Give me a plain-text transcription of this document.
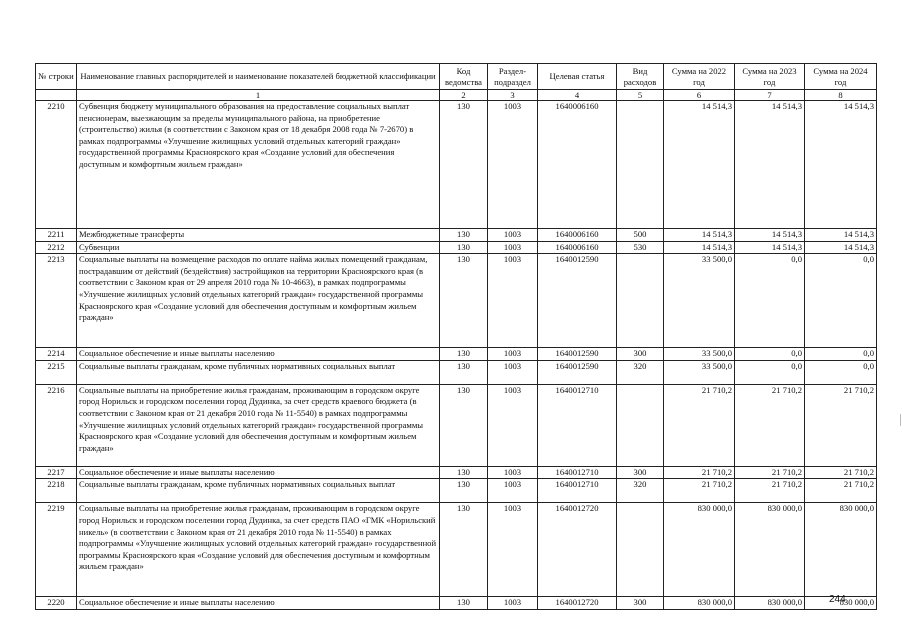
№ строки	Наименование главных распорядителей и наименование показателей бюджетной классификации	Код ведомства	Раздел-подраздел	Целевая статья	Вид расходов	Сумма на 2022 год	Сумма на 2023 год	Сумма на 2024 год
	1	2	3	4	5	6	7	8
2210	Субвенция бюджету муниципального образования на предоставление социальных выплат пенсионерам, выезжающим за пределы муниципального района, на приобретение (строительство) жилья (в соответствии с Законом края от 18 декабря 2008 года № 7-2670) в рамках подпрограммы «Улучшение жилищных условий отдельных категорий граждан» государственной программы Красноярского края «Создание условий для обеспечения доступным и комфортным жильем граждан»	130	1003	1640006160		14 514,3	14 514,3	14 514,3
2211	Межбюджетные трансферты	130	1003	1640006160	500	14 514,3	14 514,3	14 514,3
2212	Субвенции	130	1003	1640006160	530	14 514,3	14 514,3	14 514,3
2213	Социальные выплаты на возмещение расходов по оплате найма жилых помещений гражданам, пострадавшим от действий (бездействия) застройщиков на территории Красноярского края (в соответствии с Законом края от 29 апреля 2010 года № 10-4663), в рамках подпрограммы «Улучшение жилищных условий отдельных категорий граждан» государственной программы Красноярского края «Создание условий для обеспечения доступным и комфортным жильем граждан»	130	1003	1640012590		33 500,0	0,0	0,0
2214	Социальное обеспечение и иные выплаты населению	130	1003	1640012590	300	33 500,0	0,0	0,0
2215	Социальные выплаты гражданам, кроме публичных нормативных социальных выплат	130	1003	1640012590	320	33 500,0	0,0	0,0
2216	Социальные выплаты на приобретение жилья гражданам, проживающим в городском округе город Норильск и городском поселении город Дудинка, за счет средств краевого бюджета (в соответствии с Законом края от 21 декабря 2010 года № 11-5540) в рамках подпрограммы «Улучшение жилищных условий отдельных категорий граждан» государственной программы Красноярского края «Создание условий для обеспечения доступным и комфортным жильем граждан»	130	1003	1640012710		21 710,2	21 710,2	21 710,2
2217	Социальное обеспечение и иные выплаты населению	130	1003	1640012710	300	21 710,2	21 710,2	21 710,2
2218	Социальные выплаты гражданам, кроме публичных нормативных социальных выплат	130	1003	1640012710	320	21 710,2	21 710,2	21 710,2
2219	Социальные выплаты на приобретение жилья гражданам, проживающим в городском округе город Норильск и городском поселении город Дудинка, за счет средств ПАО «ГМК «Норильский никель» (в соответствии с Законом края от 21 декабря 2010 года № 11-5540) в рамках подпрограммы «Улучшение жилищных условий отдельных категорий граждан» государственной программы Красноярского края «Создание условий для обеспечения доступным и комфортным жильем граждан»	130	1003	1640012720		830 000,0	830 000,0	830 000,0
2220	Социальное обеспечение и иные выплаты населению	130	1003	1640012720	300	830 000,0	830 000,0	830 000,0
244
